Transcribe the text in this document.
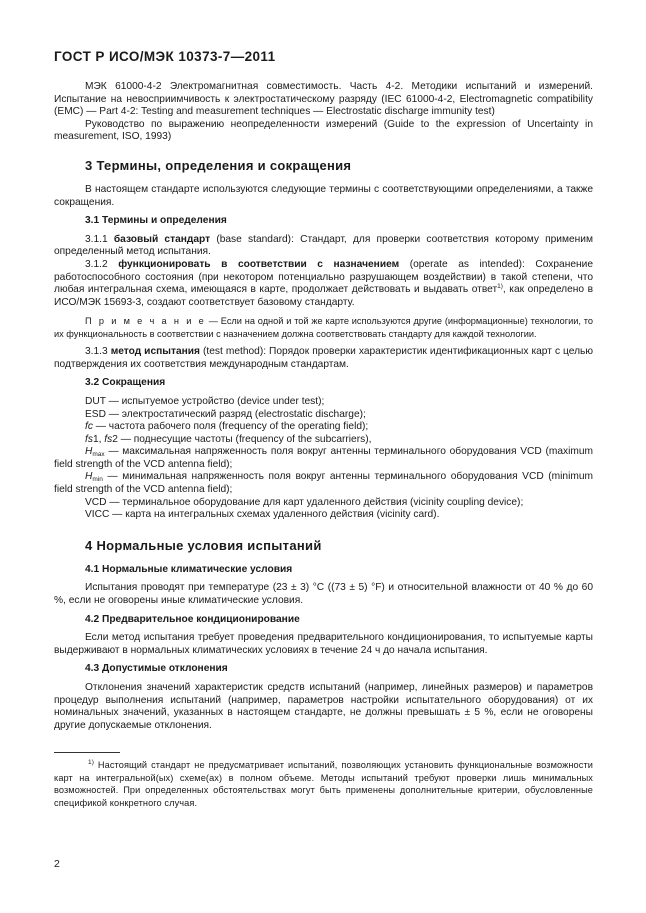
ГОСТ Р ИСО/МЭК 10373-7—2011

МЭК 61000-4-2 Электромагнитная совместимость. Часть 4-2. Методики испытаний и измерений. Испытание на невосприимчивость к электростатическому разряду (IEC 61000-4-2, Electromagnetic compatibility (EMC) — Part 4-2: Testing and measurement techniques — Electrostatic discharge immunity test)

Руководство по выражению неопределенности измерений (Guide to the expression of Uncertainty in measurement, ISO, 1993)

3 Термины, определения и сокращения

В настоящем стандарте используются следующие термины с соответствующими определениями, а также сокращения.

3.1 Термины и определения

3.1.1 базовый стандарт (base standard): Стандарт, для проверки соответствия которому применим определенный метод испытания.

3.1.2 функционировать в соответствии с назначением (operate as intended): Сохранение работоспособного состояния (при некотором потенциально разрушающем воздействии) в такой степени, что любая интегральная схема, имеющаяся в карте, продолжает действовать и выдавать ответ$^{1)}$, как определено в ИСО/МЭК 15693-3, создают соответствует базовому стандарту.

П р и м е ч а н и е — Если на одной и той же карте используются другие (информационные) технологии, то их функциональность в соответствии с назначением должна соответствовать стандарту для каждой технологии.

3.1.3 метод испытания (test method): Порядок проверки характеристик идентификационных карт с целью подтверждения их соответствия международным стандартам.

3.2 Сокращения

DUT — испытуемое устройство (device under test);

ESD — электростатический разряд (electrostatic discharge);

fc — частота рабочего поля (frequency of the operating field);

fs1, fs2 — поднесущие частоты (frequency of the subcarriers),

$H_{max}$ — максимальная напряженность поля вокруг антенны терминального оборудования VCD (maximum field strength of the VCD antenna field);

$H_{min}$ — минимальная напряженность поля вокруг антенны терминального оборудования VCD (minimum field strength of the VCD antenna field);

VCD — терминальное оборудование для карт удаленного действия (vicinity coupling device);

VICC — карта на интегральных схемах удаленного действия (vicinity card).

4 Нормальные условия испытаний

4.1 Нормальные климатические условия

Испытания проводят при температуре (23 ± 3) °С ((73 ± 5) °F) и относительной влажности от 40 % до 60 %, если не оговорены иные климатические условия.

4.2 Предварительное кондиционирование

Если метод испытания требует проведения предварительного кондиционирования, то испытуемые карты выдерживают в нормальных климатических условиях в течение 24 ч до начала испытания.

4.3 Допустимые отклонения

Отклонения значений характеристик средств испытаний (например, линейных размеров) и параметров процедур выполнения испытаний (например, параметров настройки испытательного оборудования) от их номинальных значений, указанных в настоящем стандарте, не должны превышать ± 5 %, если не оговорены другие допускаемые отклонения.

$^{1)}$ Настоящий стандарт не предусматривает испытаний, позволяющих установить функциональные возможности карт на интегральной(ых) схеме(ах) в полном объеме. Методы испытаний требуют проверки лишь минимальных возможностей. При определенных обстоятельствах могут быть применены дополнительные критерии, обусловленные спецификой конкретного случая.

2
